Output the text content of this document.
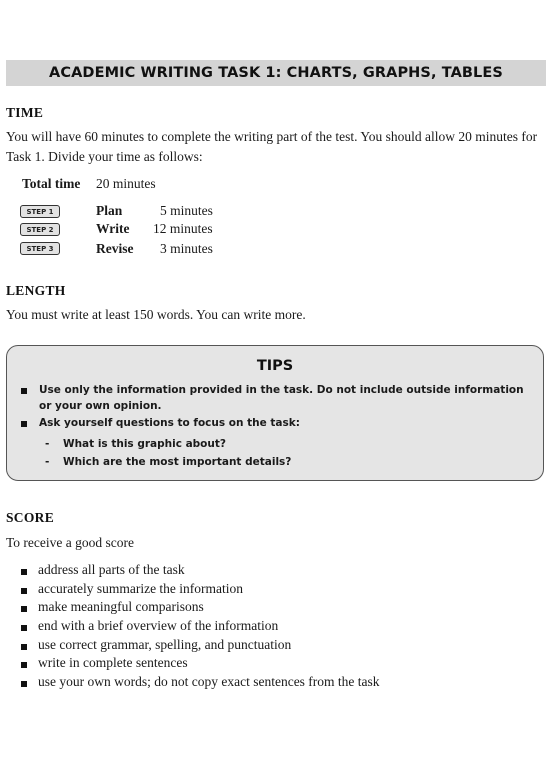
ACADEMIC WRITING TASK 1: CHARTS, GRAPHS, TABLES
TIME
You will have 60 minutes to complete the writing part of the test. You should allow 20 minutes for Task 1. Divide your time as follows:
Total time 20 minutes
STEP 1	Plan	5 minutes
STEP 2	Write 12 minutes
STEP 3	Revise 3 minutes
LENGTH
You must write at least 150 words. You can write more.
TIPS
Use only the information provided in the task. Do not include outside information
or your own opinion.
Ask yourself questions to focus on the task:
- What is this graphic about?
- Which are the most important details?
SCORE
To receive a good score
address all parts of the task
accurately summarize the information
make meaningful comparisons
end with a brief overview of the information
use correct grammar, spelling, and punctuation
write in complete sentences
use your own words; do not copy exact sentences from the task
